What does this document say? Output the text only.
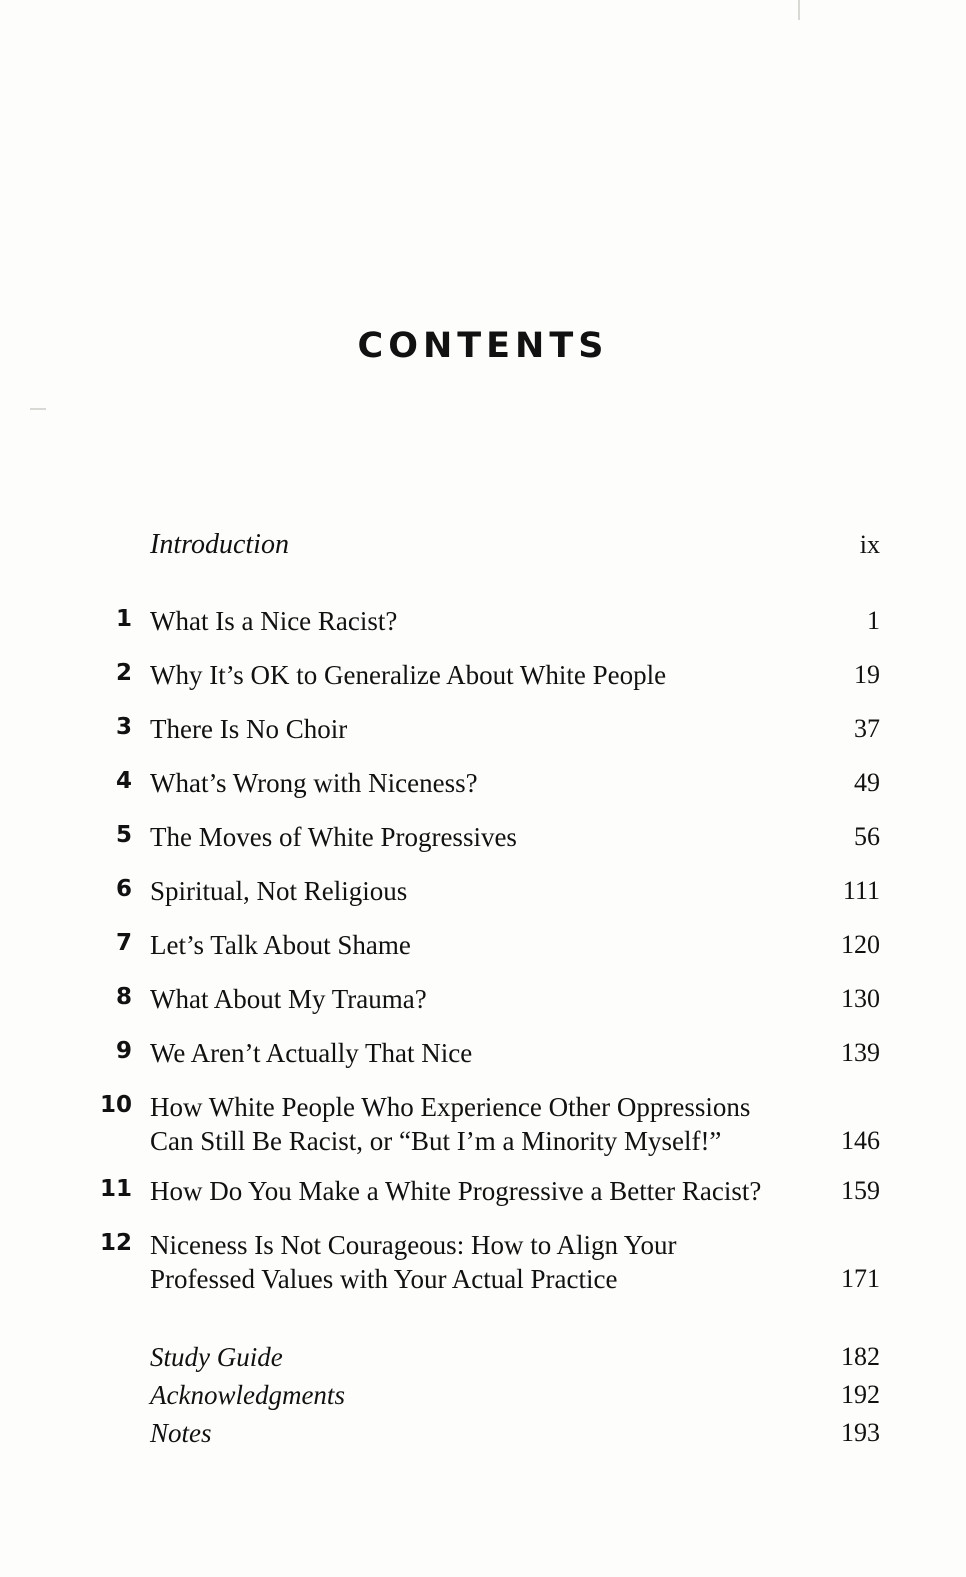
CONTENTS
Introduction	ix
1 What Is a Nice Racist?	1
2 Why It’s OK to Generalize About White People	19
3 There Is No Choir	37
4 What’s Wrong with Niceness?	49
5 The Moves of White Progressives	56
6 Spiritual, Not Religious	111
7 Let’s Talk About Shame	120
8 What About My Trauma?	130
9 We Aren’t Actually That Nice	139
10 How White People Who Experience Other Oppressions
Can Still Be Racist, or “But I’m a Minority Myself!”	146
11 How Do You Make a White Progressive a Better Racist?	159
12 Niceness Is Not Courageous: How to Align Your
Professed Values with Your Actual Practice	171
Study Guide	182
Acknowledgments	192
Notes	193
